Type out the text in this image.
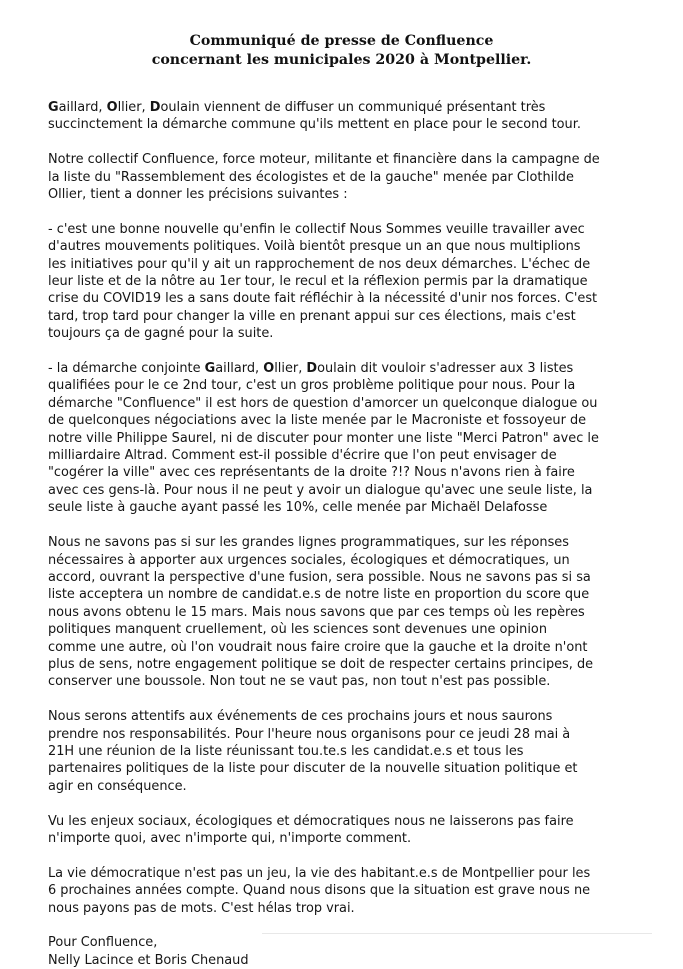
Communiqué de presse de Confluence
concernant les municipales 2020 à Montpellier.

Gaillard, Ollier, Doulain viennent de diffuser un communiqué présentant très
succinctement la démarche commune qu'ils mettent en place pour le second tour.

Notre collectif Confluence, force moteur, militante et financière dans la campagne de
la liste du "Rassemblement des écologistes et de la gauche" menée par Clothilde
Ollier, tient a donner les précisions suivantes :

- c'est une bonne nouvelle qu'enfin le collectif Nous Sommes veuille travailler avec
d'autres mouvements politiques. Voilà bientôt presque un an que nous multiplions
les initiatives pour qu'il y ait un rapprochement de nos deux démarches. L'échec de
leur liste et de la nôtre au 1er tour, le recul et la réflexion permis par la dramatique
crise du COVID19 les a sans doute fait réfléchir à la nécessité d'unir nos forces. C'est
tard, trop tard pour changer la ville en prenant appui sur ces élections, mais c'est
toujours ça de gagné pour la suite.

- la démarche conjointe Gaillard, Ollier, Doulain dit vouloir s'adresser aux 3 listes
qualifiées pour le ce 2nd tour, c'est un gros problème politique pour nous. Pour la
démarche "Confluence" il est hors de question d'amorcer un quelconque dialogue ou
de quelconques négociations avec la liste menée par le Macroniste et fossoyeur de
notre ville Philippe Saurel, ni de discuter pour monter une liste "Merci Patron" avec le
milliardaire Altrad. Comment est-il possible d'écrire que l'on peut envisager de
"cogérer la ville" avec ces représentants de la droite ?!? Nous n'avons rien à faire
avec ces gens-là. Pour nous il ne peut y avoir un dialogue qu'avec une seule liste, la
seule liste à gauche ayant passé les 10%, celle menée par Michaël Delafosse

Nous ne savons pas si sur les grandes lignes programmatiques, sur les réponses
nécessaires à apporter aux urgences sociales, écologiques et démocratiques, un
accord, ouvrant la perspective d'une fusion, sera possible. Nous ne savons pas si sa
liste acceptera un nombre de candidat.e.s de notre liste en proportion du score que
nous avons obtenu le 15 mars. Mais nous savons que par ces temps où les repères
politiques manquent cruellement, où les sciences sont devenues une opinion
comme une autre, où l'on voudrait nous faire croire que la gauche et la droite n'ont
plus de sens, notre engagement politique se doit de respecter certains principes, de
conserver une boussole. Non tout ne se vaut pas, non tout n'est pas possible.

Nous serons attentifs aux événements de ces prochains jours et nous saurons
prendre nos responsabilités. Pour l'heure nous organisons pour ce jeudi 28 mai à
21H une réunion de la liste réunissant tou.te.s les candidat.e.s et tous les
partenaires politiques de la liste pour discuter de la nouvelle situation politique et
agir en conséquence.

Vu les enjeux sociaux, écologiques et démocratiques nous ne laisserons pas faire
n'importe quoi, avec n'importe qui, n'importe comment.

La vie démocratique n'est pas un jeu, la vie des habitant.e.s de Montpellier pour les
6 prochaines années compte. Quand nous disons que la situation est grave nous ne
nous payons pas de mots. C'est hélas trop vrai.

Pour Confluence,
Nelly Lacince et Boris Chenaud
